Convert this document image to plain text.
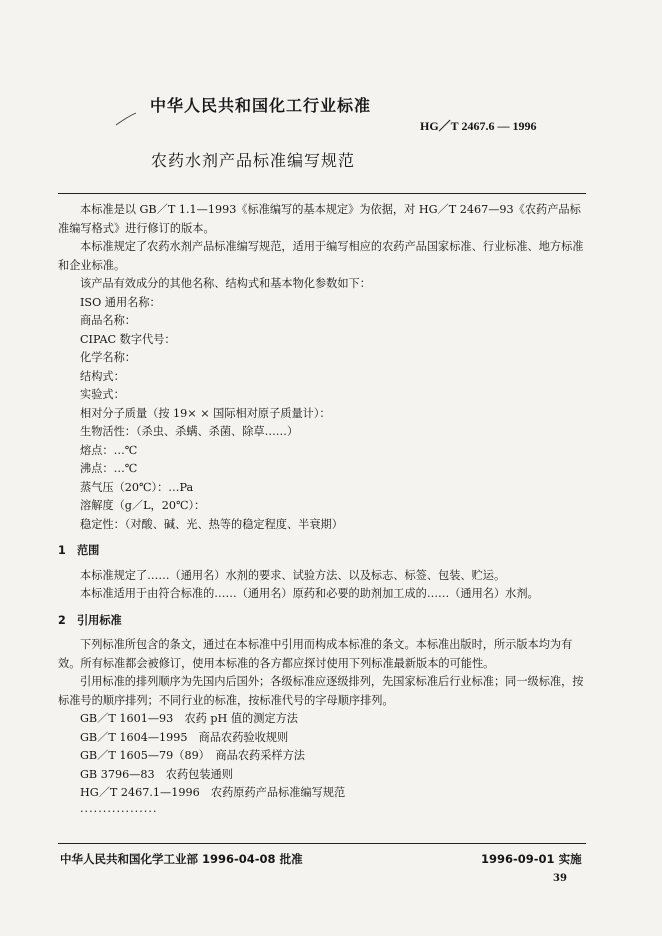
中华人民共和国化工行业标准
HG／T 2467.6 — 1996
农药水剂产品标准编写规范

本标准是以 GB／T 1.1—1993《标准编写的基本规定》为依据，对 HG／T 2467—93《农药产品标准编写格式》进行修订的版本。

本标准规定了农药水剂产品标准编写规范，适用于编写相应的农药产品国家标准、行业标准、地方标准和企业标准。

该产品有效成分的其他名称、结构式和基本物化参数如下：

ISO 通用名称：

商品名称：

CIPAC 数字代号：

化学名称：

结构式：

实验式：

相对分子质量（按 19× × 国际相对原子质量计）：

生物活性：（杀虫、杀螨、杀菌、除草……）

熔点：…℃

沸点：…℃

蒸气压（20℃）：…Pa

溶解度（g／L，20℃）：

稳定性：（对酸、碱、光、热等的稳定程度、半衰期）

1　范围

本标准规定了……（通用名）水剂的要求、试验方法、以及标志、标签、包装、贮运。

本标准适用于由符合标准的……（通用名）原药和必要的助剂加工成的……（通用名）水剂。

2　引用标准

下列标准所包含的条文，通过在本标准中引用而构成本标准的条文。本标准出版时，所示版本均为有效。所有标准都会被修订，使用本标准的各方都应探讨使用下列标准最新版本的可能性。

引用标准的排列顺序为先国内后国外；各级标准应逐级排列，先国家标准后行业标准；同一级标准，按标准号的顺序排列；不同行业的标准，按标准代号的字母顺序排列。

GB／T 1601—93　农药 pH 值的测定方法

GB／T 1604—1995　商品农药验收规则

GB／T 1605—79（89）　商品农药采样方法

GB 3796—83　农药包装通则

HG／T 2467.1—1996　农药原药产品标准编写规范

·················

中华人民共和国化学工业部 1996-04-08 批准	1996-09-01 实施
39
